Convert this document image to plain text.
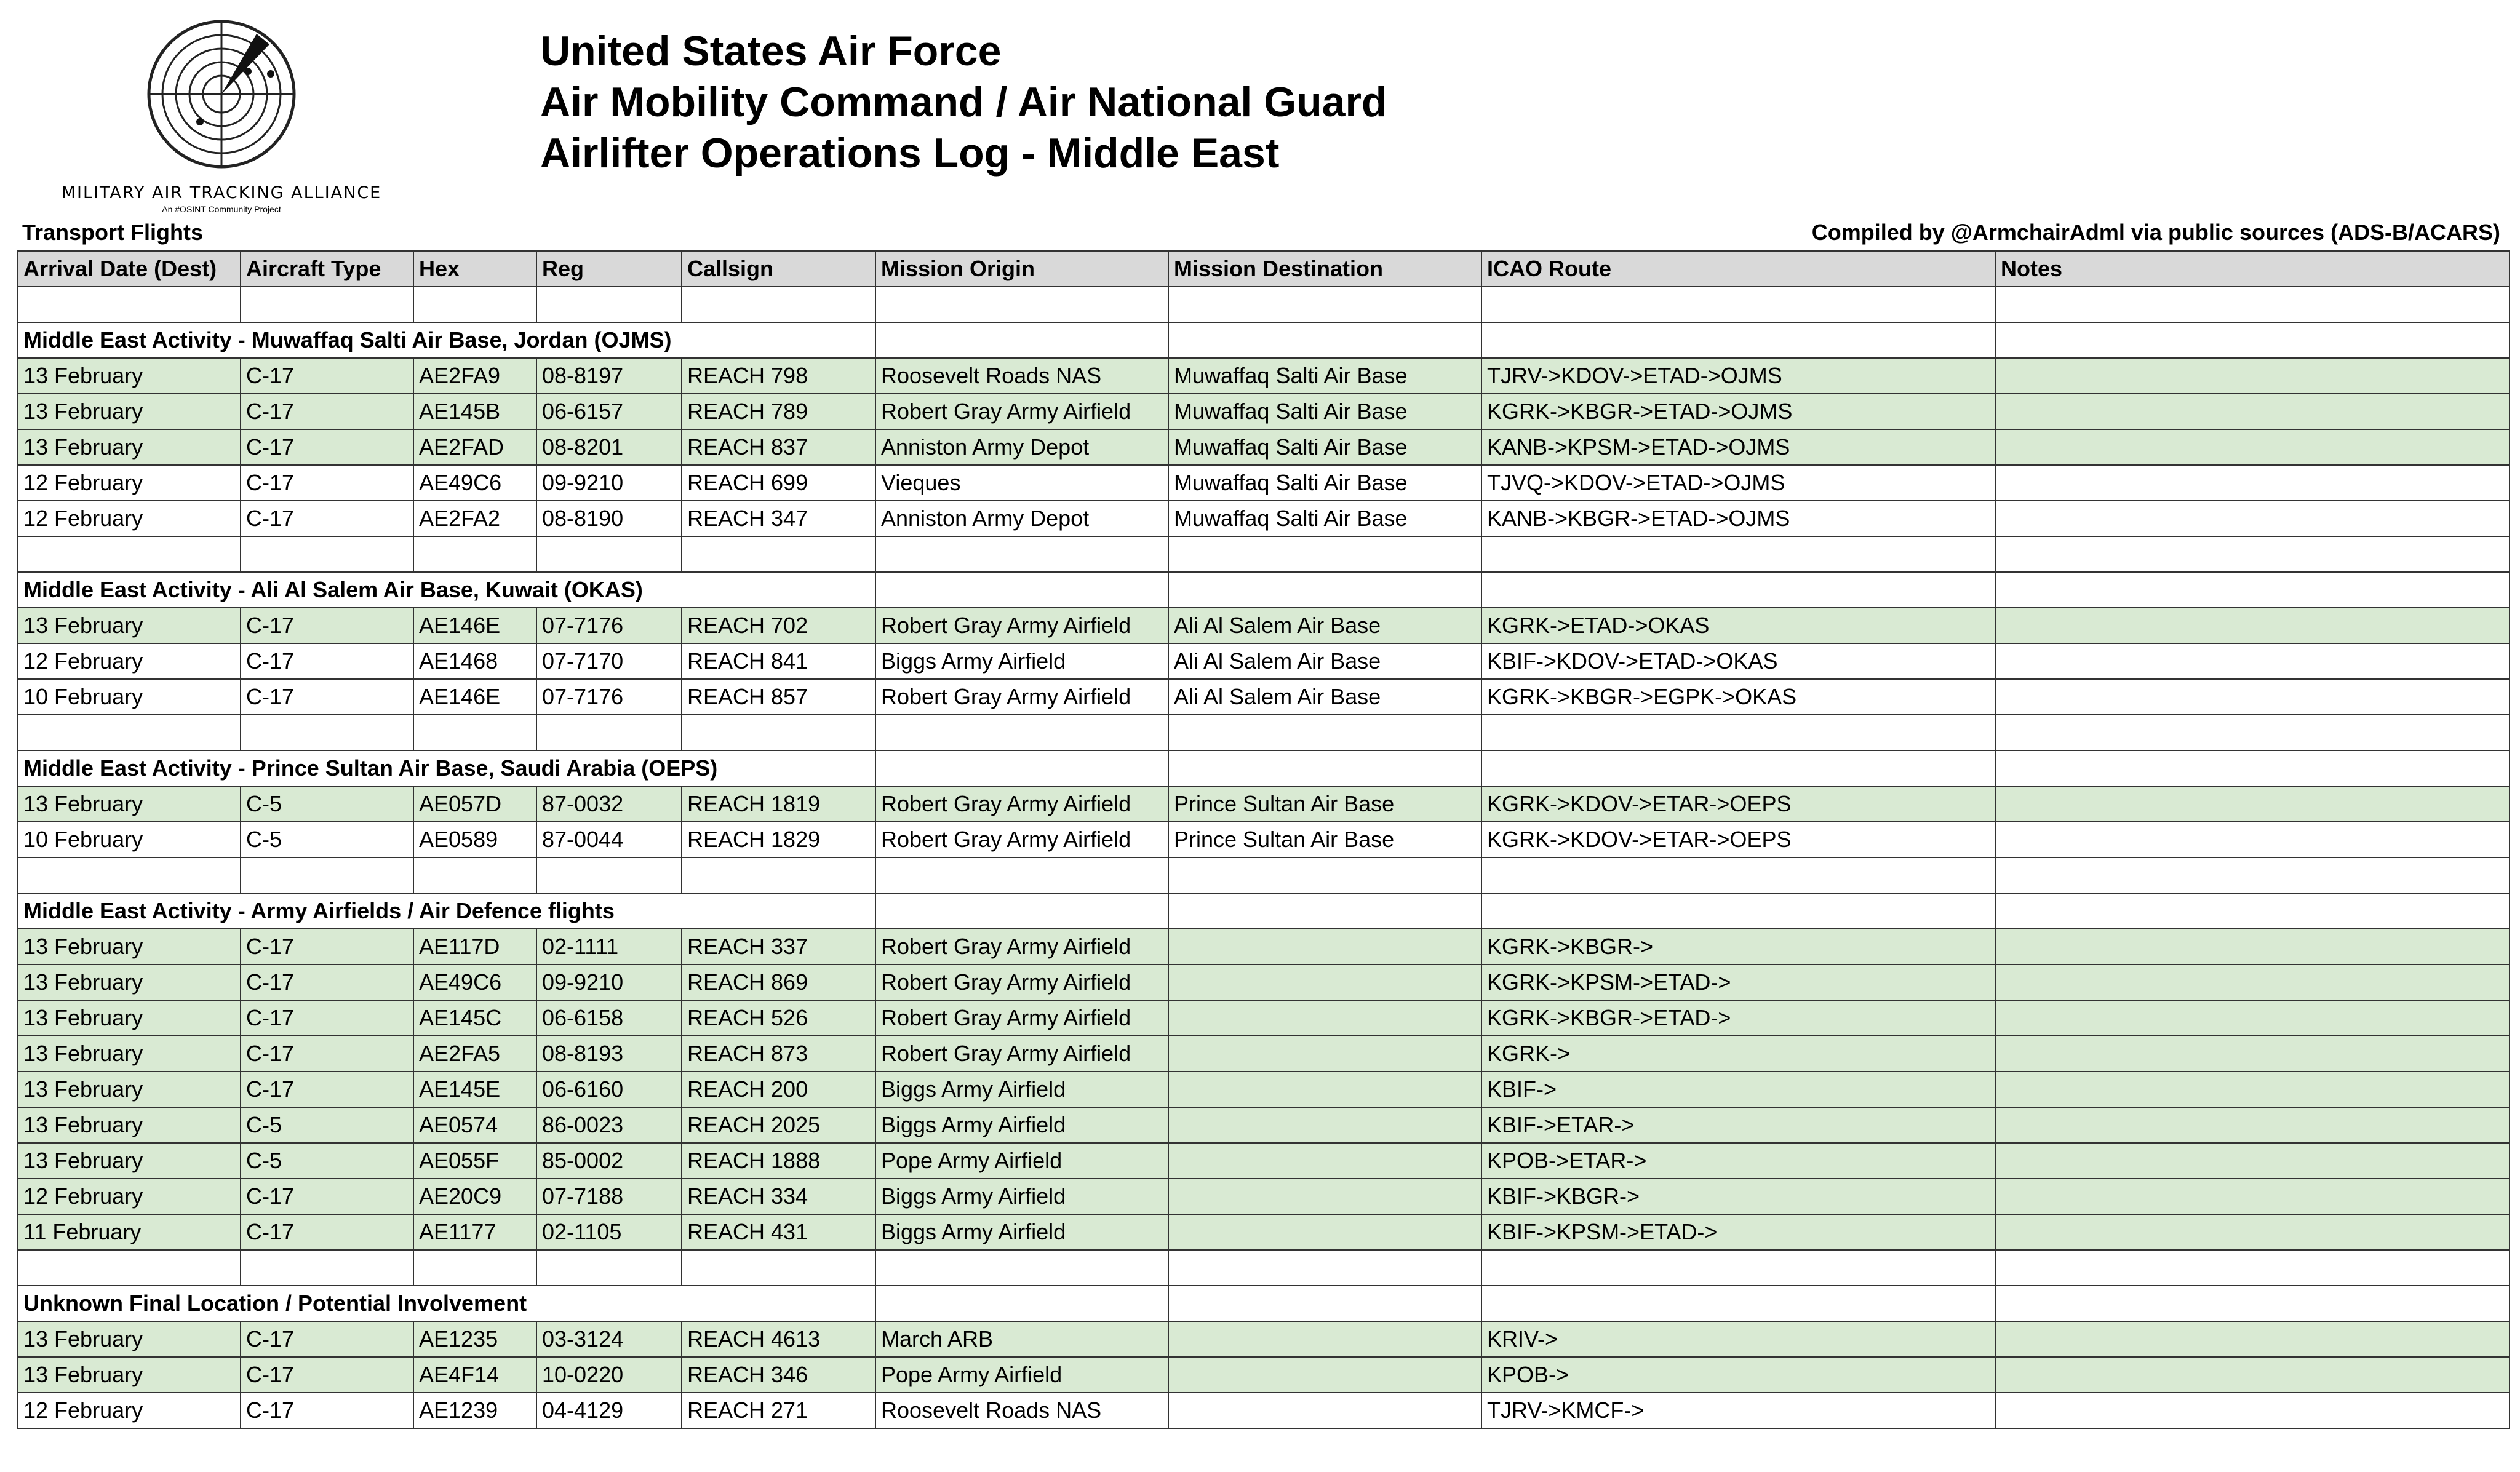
MILITARY AIR TRACKING ALLIANCE
An #OSINT Community Project
United States Air Force
Air Mobility Command / Air National Guard
Airlifter Operations Log - Middle East
Transport Flights	Compiled by @ArmchairAdml via public sources (ADS-B/ACARS)
Arrival Date (Dest)	Aircraft Type	Hex	Reg	Callsign	Mission Origin	Mission Destination	ICAO Route	Notes

Middle East Activity - Muwaffaq Salti Air Base, Jordan (OJMS)								
13 February	C-17	AE2FA9	08-8197	REACH 798	Roosevelt Roads NAS	Muwaffaq Salti Air Base	TJRV->KDOV->ETAD->OJMS	
13 February	C-17	AE145B	06-6157	REACH 789	Robert Gray Army Airfield	Muwaffaq Salti Air Base	KGRK->KBGR->ETAD->OJMS	
13 February	C-17	AE2FAD	08-8201	REACH 837	Anniston Army Depot	Muwaffaq Salti Air Base	KANB->KPSM->ETAD->OJMS	
12 February	C-17	AE49C6	09-9210	REACH 699	Vieques	Muwaffaq Salti Air Base	TJVQ->KDOV->ETAD->OJMS	
12 February	C-17	AE2FA2	08-8190	REACH 347	Anniston Army Depot	Muwaffaq Salti Air Base	KANB->KBGR->ETAD->OJMS	

Middle East Activity - Ali Al Salem Air Base, Kuwait (OKAS)								
13 February	C-17	AE146E	07-7176	REACH 702	Robert Gray Army Airfield	Ali Al Salem Air Base	KGRK->ETAD->OKAS	
12 February	C-17	AE1468	07-7170	REACH 841	Biggs Army Airfield	Ali Al Salem Air Base	KBIF->KDOV->ETAD->OKAS	
10 February	C-17	AE146E	07-7176	REACH 857	Robert Gray Army Airfield	Ali Al Salem Air Base	KGRK->KBGR->EGPK->OKAS	

Middle East Activity - Prince Sultan Air Base, Saudi Arabia (OEPS)								
13 February	C-5	AE057D	87-0032	REACH 1819	Robert Gray Army Airfield	Prince Sultan Air Base	KGRK->KDOV->ETAR->OEPS	
10 February	C-5	AE0589	87-0044	REACH 1829	Robert Gray Army Airfield	Prince Sultan Air Base	KGRK->KDOV->ETAR->OEPS	

Middle East Activity - Army Airfields / Air Defence flights								
13 February	C-17	AE117D	02-1111	REACH 337	Robert Gray Army Airfield		KGRK->KBGR->	
13 February	C-17	AE49C6	09-9210	REACH 869	Robert Gray Army Airfield		KGRK->KPSM->ETAD->	
13 February	C-17	AE145C	06-6158	REACH 526	Robert Gray Army Airfield		KGRK->KBGR->ETAD->	
13 February	C-17	AE2FA5	08-8193	REACH 873	Robert Gray Army Airfield		KGRK->	
13 February	C-17	AE145E	06-6160	REACH 200	Biggs Army Airfield		KBIF->	
13 February	C-5	AE0574	86-0023	REACH 2025	Biggs Army Airfield		KBIF->ETAR->	
13 February	C-5	AE055F	85-0002	REACH 1888	Pope Army Airfield		KPOB->ETAR->	
12 February	C-17	AE20C9	07-7188	REACH 334	Biggs Army Airfield		KBIF->KBGR->	
11 February	C-17	AE1177	02-1105	REACH 431	Biggs Army Airfield		KBIF->KPSM->ETAD->	

Unknown Final Location / Potential Involvement								
13 February	C-17	AE1235	03-3124	REACH 4613	March ARB		KRIV->	
13 February	C-17	AE4F14	10-0220	REACH 346	Pope Army Airfield		KPOB->	
12 February	C-17	AE1239	04-4129	REACH 271	Roosevelt Roads NAS		TJRV->KMCF->	
